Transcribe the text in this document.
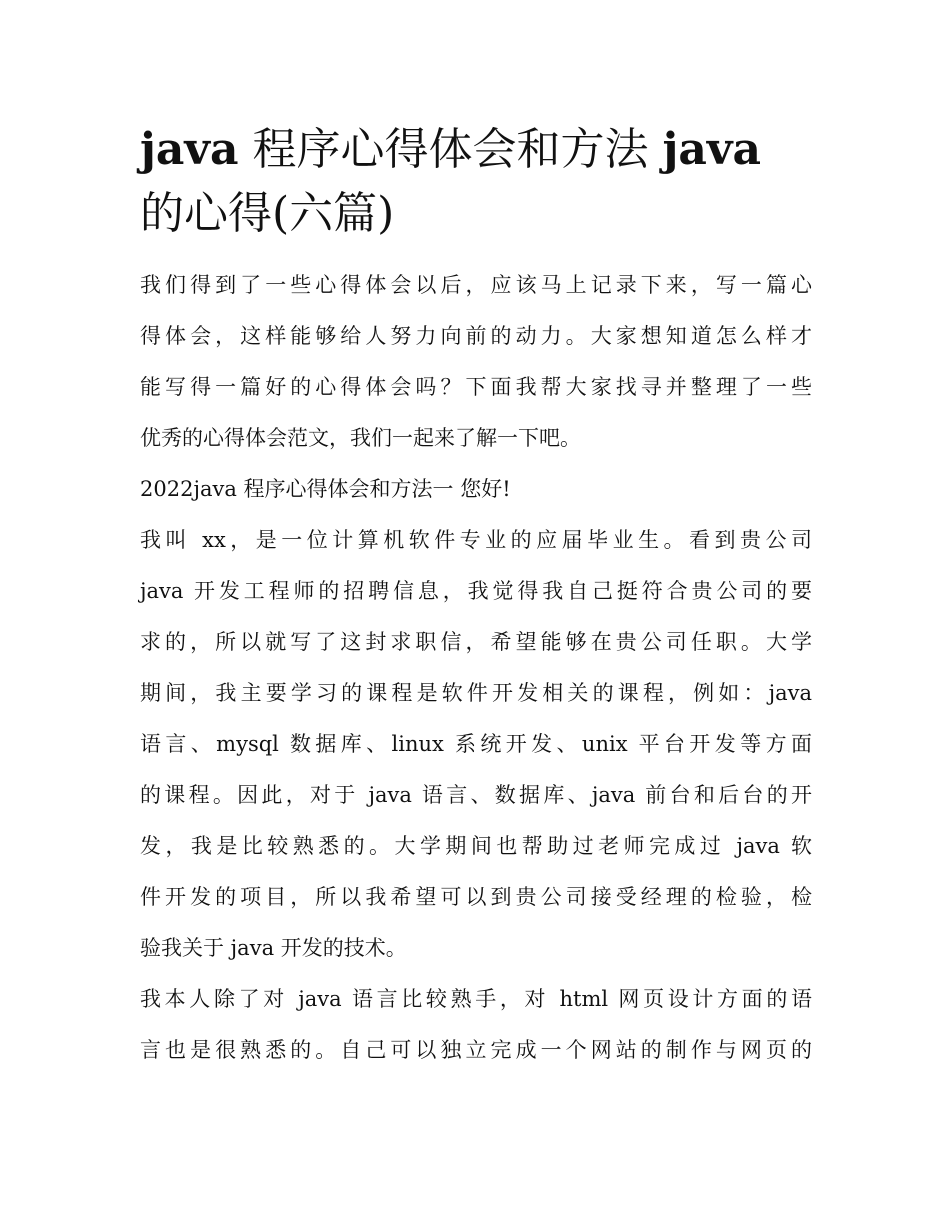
java 程序心得体会和方法 java
的心得(六篇)

我们得到了一些心得体会以后，应该马上记录下来，写一篇心
得体会，这样能够给人努力向前的动力。大家想知道怎么样才
能写得一篇好的心得体会吗？下面我帮大家找寻并整理了一些
优秀的心得体会范文，我们一起来了解一下吧。

2022java 程序心得体会和方法一 您好!

我叫 xx，是一位计算机软件专业的应届毕业生。看到贵公司
java 开发工程师的招聘信息，我觉得我自己挺符合贵公司的要
求的，所以就写了这封求职信，希望能够在贵公司任职。大学
期间，我主要学习的课程是软件开发相关的课程，例如：java
语言、mysql 数据库、linux 系统开发、unix 平台开发等方面
的课程。因此，对于 java 语言、数据库、java 前台和后台的开
发，我是比较熟悉的。大学期间也帮助过老师完成过 java 软
件开发的项目，所以我希望可以到贵公司接受经理的检验，检
验我关于 java 开发的技术。

我本人除了对 java 语言比较熟手，对 html 网页设计方面的语
言也是很熟悉的。自己可以独立完成一个网站的制作与网页的
